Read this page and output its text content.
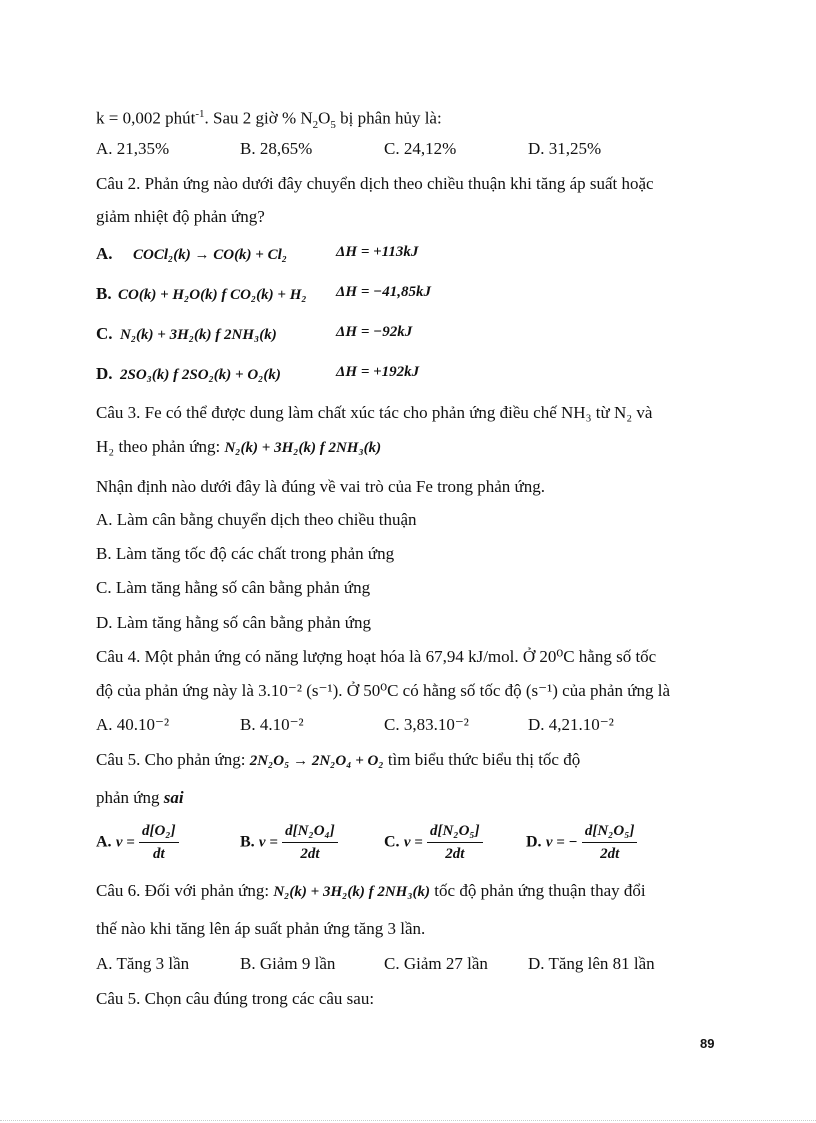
k = 0,002 phút$^{-1}$. Sau 2 giờ % $N_2O_5$ bị phân hủy là:
A. 21,35%	B. 28,65%	C. 24,12%	D. 31,25%
Câu 2. Phản ứng nào dưới đây chuyển dịch theo chiều thuận khi tăng áp suất hoặc
giảm nhiệt độ phản ứng?
A. COCl₂(k) → CO(k) + Cl₂	ΔH = +113kJ
B. CO(k) + H₂O(k) f CO₂(k) + H₂ ΔH = −41,85kJ
C. N₂(k) + 3H₂(k) f 2NH₃(k)	ΔH = −92kJ
D. 2SO₃(k) f 2SO₂(k) + O₂(k)	ΔH = +192kJ
Câu 3. Fe có thể được dung làm chất xúc tác cho phản ứng điều chế NH₃ từ N₂ và
H₂ theo phản ứng: N₂(k) + 3H₂(k) f 2NH₃(k)
Nhận định nào dưới đây là đúng về vai trò của Fe trong phản ứng.
A. Làm cân bằng chuyển dịch theo chiều thuận
B. Làm tăng tốc độ các chất trong phản ứng
C. Làm tăng hằng số cân bằng phản ứng
D. Làm tăng hằng số cân bằng phản ứng
Câu 4. Một phản ứng có năng lượng hoạt hóa là 67,94 kJ/mol. Ở 20⁰C hằng số tốc
độ của phản ứng này là 3.10⁻² (s⁻¹). Ở 50⁰C có hằng số tốc độ (s⁻¹) của phản ứng là
A. 40.10⁻²	B. 4.10⁻²	C. 3,83.10⁻²	D. 4,21.10⁻²
Câu 5. Cho phản ứng: 2N₂O₅ → 2N₂O₄ + O₂ tìm biểu thức biểu thị tốc độ
phản ứng sai
A. $v = \frac{\text{d[O₂]}}{dt}$	B. $v = \frac{\text{d[N₂O₄]}}{2dt}$	C. $v = \frac{\text{d[N₂O₅]}}{2dt}$	D. v = − $\frac{\text{d[N₂O₅]}}{2dt}$
Câu 6. Đối với phản ứng: N₂(k) + 3H₂(k) f 2NH₃(k) tốc độ phản ứng thuận thay đổi
thế nào khi tăng lên áp suất phản ứng tăng 3 lần.
A. Tăng 3 lần	B. Giảm 9 lần	C. Giảm 27 lần D. Tăng lên 81 lần
Câu 5. Chọn câu đúng trong các câu sau:
89
